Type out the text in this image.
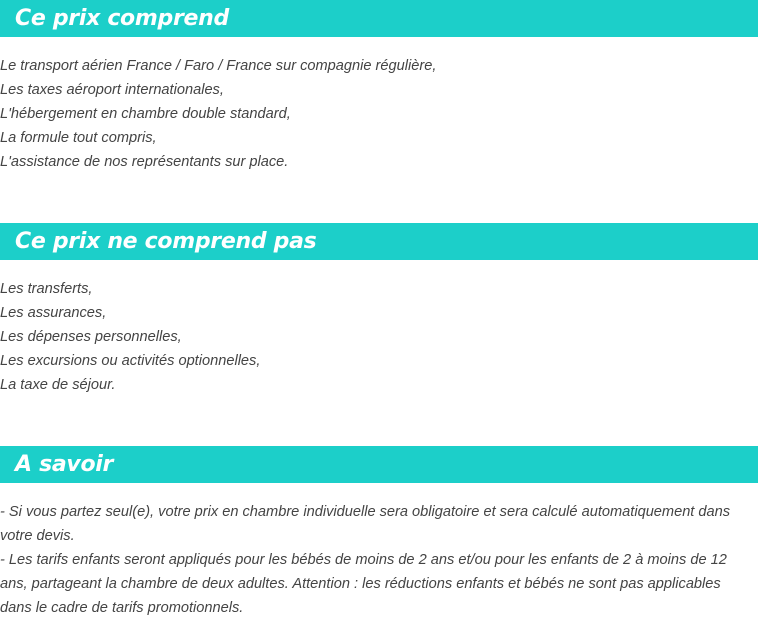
Ce prix comprend
Le transport aérien France / Faro / France sur compagnie régulière,
Les taxes aéroport internationales,
L'hébergement en chambre double standard,
La formule tout compris,
L'assistance de nos représentants sur place.
Ce prix ne comprend pas
Les transferts,
Les assurances,
Les dépenses personnelles,
Les excursions ou activités optionnelles,
La taxe de séjour.
A savoir
- Si vous partez seul(e), votre prix en chambre individuelle sera obligatoire et sera calculé automatiquement dans votre devis.
- Les tarifs enfants seront appliqués pour les bébés de moins de 2 ans et/ou pour les enfants de 2 à moins de 12 ans, partageant la chambre de deux adultes. Attention : les réductions enfants et bébés ne sont pas applicables dans le cadre de tarifs promotionnels.
